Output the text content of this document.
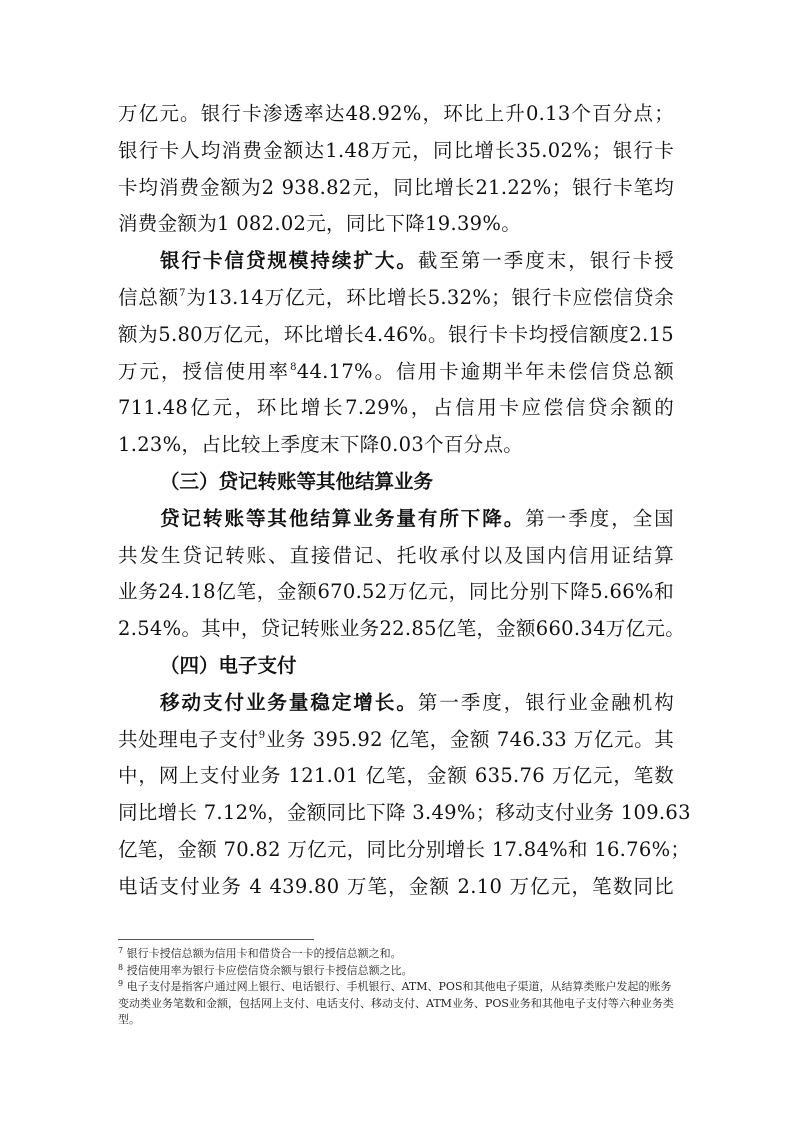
万亿元。银行卡渗透率达48.92%，环比上升0.13个百分点；
银行卡人均消费金额达1.48万元，同比增长35.02%；银行卡
卡均消费金额为2 938.82元，同比增长21.22%；银行卡笔均
消费金额为1 082.02元，同比下降19.39%。
银行卡信贷规模持续扩大。截至第一季度末，银行卡授
信总额$^7$为13.14万亿元，环比增长5.32%；银行卡应偿信贷余
额为5.80万亿元，环比增长4.46%。银行卡卡均授信额度2.15
万元，授信使用率$^8$44.17%。信用卡逾期半年未偿信贷总额
711.48亿元，环比增长7.29%，占信用卡应偿信贷余额的
1.23%，占比较上季度末下降0.03个百分点。
（三）贷记转账等其他结算业务
贷记转账等其他结算业务量有所下降。第一季度，全国
共发生贷记转账、直接借记、托收承付以及国内信用证结算
业务24.18亿笔，金额670.52万亿元，同比分别下降5.66%和
2.54%。其中，贷记转账业务22.85亿笔，金额660.34万亿元。
（四）电子支付
移动支付业务量稳定增长。第一季度，银行业金融机构
共处理电子支付$^9$业务 395.92 亿笔，金额 746.33 万亿元。其
中，网上支付业务 121.01 亿笔，金额 635.76 万亿元，笔数
同比增长 7.12%，金额同比下降 3.49%；移动支付业务 109.63
亿笔，金额 70.82 万亿元，同比分别增长 17.84%和 16.76%；
电话支付业务 4 439.80 万笔，金额 2.10 万亿元，笔数同比

$^7$ 银行卡授信总额为信用卡和借贷合一卡的授信总额之和。

$^8$ 授信使用率为银行卡应偿信贷余额与银行卡授信总额之比。

$^9$ 电子支付是指客户通过网上银行、电话银行、手机银行、ATM、POS和其他电子渠道，从结算类账户发起的账务变动类业务笔数和金额，包括网上支付、电话支付、移动支付、ATM业务、POS业务和其他电子支付等六种业务类型。
